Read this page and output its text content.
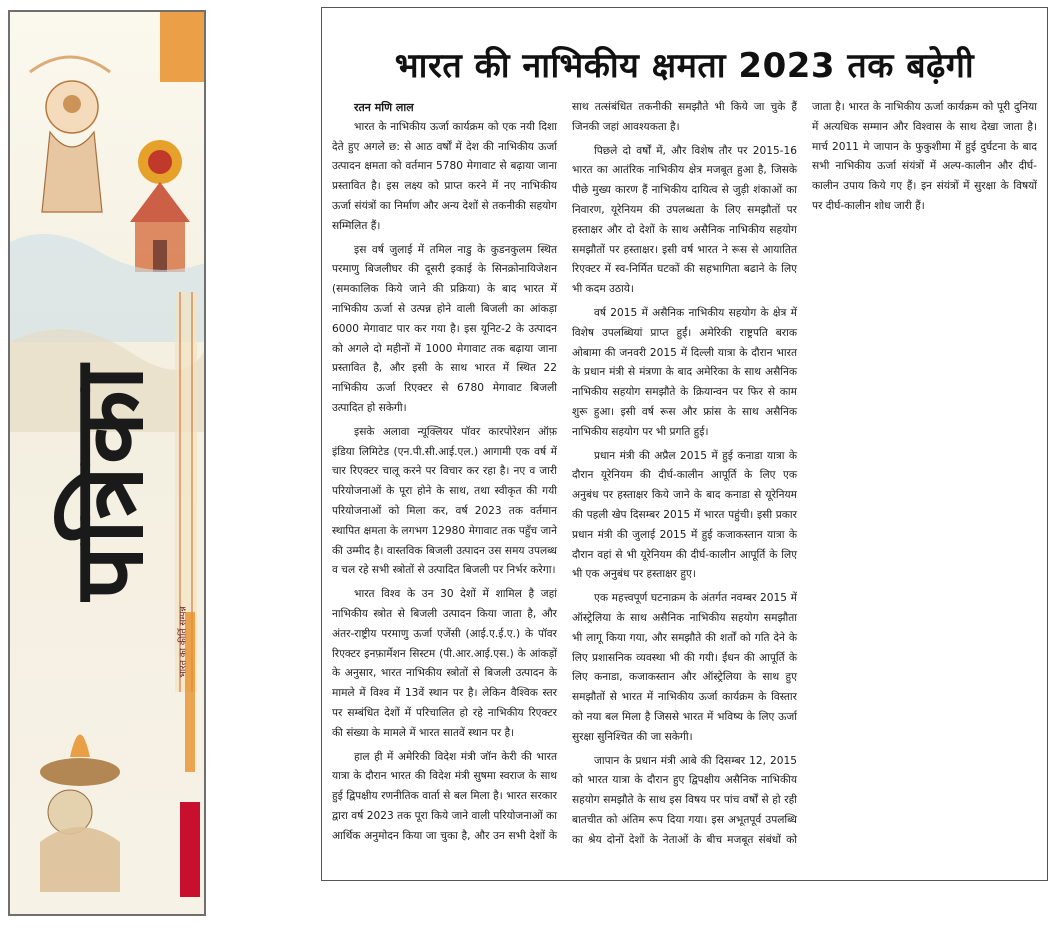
पत्रिका
भारत का कीर्ति सम्पन्न
भारत की नाभिकीय क्षमता 2023 तक बढ़ेगी
रतन मणि लाल

भारत के नाभिकीय ऊर्जा कार्यक्रम को एक नयी दिशा देते हुए अगले छ: से आठ वर्षों में देश की नाभिकीय ऊर्जा उत्पादन क्षमता को वर्तमान 5780 मेगावाट से बढ़ाया जाना प्रस्तावित है। इस लक्ष्य को प्राप्त करने में नए नाभिकीय ऊर्जा संयंत्रों का निर्माण और अन्य देशों से तकनीकी सहयोग सम्मिलित हैं।

इस वर्ष जुलाई में तमिल नाडु के कुडनकुलम स्थित परमाणु बिजलीघर की दूसरी इकाई के सिनक्रोनायिजेशन (समकालिक किये जाने की प्रक्रिया) के बाद भारत में नाभिकीय ऊर्जा से उत्पन्न होने वाली बिजली का आंकड़ा 6000 मेगावाट पार कर गया है। इस यूनिट-2 के उत्पादन को अगले दो महीनों में 1000 मेगावाट तक बढ़ाया जाना प्रस्तावित है, और इसी के साथ भारत में स्थित 22 नाभिकीय ऊर्जा रिएक्टर से 6780 मेगावाट बिजली उत्पादित हो सकेगी।

इसके अलावा न्यूक्लियर पॉवर कारपोरेशन ऑफ़ इंडिया लिमिटेड (एन.पी.सी.आई.एल.) आगामी एक वर्ष में चार रिएक्टर चालू करने पर विचार कर रहा है। नए व जारी परियोजनाओं के पूरा होने के साथ, तथा स्वीकृत की गयी परियोजनाओं को मिला कर, वर्ष 2023 तक वर्तमान स्थापित क्षमता के लगभग 12980 मेगावाट तक पहुँच जाने की उम्मीद है। वास्तविक बिजली उत्पादन उस समय उपलब्ध व चल रहे सभी स्त्रोतों से उत्पादित बिजली पर निर्भर करेगा।

भारत विश्व के उन 30 देशों में शामिल है जहां नाभिकीय स्त्रोत से बिजली उत्पादन किया जाता है, और अंतर-राष्ट्रीय परमाणु ऊर्जा एजेंसी (आई.ए.ई.ए.) के पॉवर रिएक्टर इनफ़ार्मेशन सिस्टम (पी.आर.आई.एस.) के आंकड़ों के अनुसार, भारत नाभिकीय स्त्रोतों से बिजली उत्पादन के मामले में विश्व में 13वें स्थान पर है। लेकिन वैश्विक स्तर पर सम्बंधित देशों में परिचालित हो रहे नाभिकीय रिएक्टर की संख्या के मामले में भारत सातवें स्थान पर है।

हाल ही में अमेरिकी विदेश मंत्री जॉन केरी की भारत यात्रा के दौरान भारत की विदेश मंत्री सुषमा स्वराज के साथ हुई द्विपक्षीय रणनीतिक वार्ता से बल मिला है। भारत सरकार द्वारा वर्ष 2023 तक पूरा किये जाने वाली परियोजनाओं का आर्थिक अनुमोदन किया जा चुका है, और उन सभी देशों के साथ तत्संबंधित तकनीकी समझौते भी किये जा चुके हैं जिनकी जहां आवश्यकता है।

पिछले दो वर्षों में, और विशेष तौर पर 2015-16 भारत का आतंरिक नाभिकीय क्षेत्र मजबूत हुआ है, जिसके पीछे मुख्य कारण हैं नाभिकीय दायित्व से जुड़ी शंकाओं का निवारण, यूरेनियम की उपलब्धता के लिए समझौतों पर हस्ताक्षर और दो देशों के साथ असैनिक नाभिकीय सहयोग समझौतों पर हस्ताक्षर। इसी वर्ष भारत ने रूस से आयातित रिएक्टर में स्व-निर्मित घटकों की सहभागिता बढाने के लिए भी कदम उठाये।

वर्ष 2015 में असैनिक नाभिकीय सहयोग के क्षेत्र में विशेष उपलब्धियां प्राप्त हुईं। अमेरिकी राष्ट्रपति बराक ओबामा की जनवरी 2015 में दिल्ली यात्रा के दौरान भारत के प्रधान मंत्री से मंत्रणा के बाद अमेरिका के साथ असैनिक नाभिकीय सहयोग समझौते के क्रियान्वन पर फिर से काम शुरू हुआ। इसी वर्ष रूस और फ्रांस के साथ असैनिक नाभिकीय सहयोग पर भी प्रगति हुई।

प्रधान मंत्री की अप्रैल 2015 में हुई कनाडा यात्रा के दौरान यूरेनियम की दीर्घ-कालीन आपूर्ति के लिए एक अनुबंध पर हस्ताक्षर किये जाने के बाद कनाडा से यूरेनियम की पहली खेप दिसम्बर 2015 में भारत पहुंची। इसी प्रकार प्रधान मंत्री की जुलाई 2015 में हुई कजाकस्तान यात्रा के दौरान वहां से भी यूरेनियम की दीर्घ-कालीन आपूर्ति के लिए भी एक अनुबंध पर हस्ताक्षर हुए।

एक महत्त्वपूर्ण घटनाक्रम के अंतर्गत नवम्बर 2015 में ऑस्ट्रेलिया के साथ असैनिक नाभिकीय सहयोग समझौता भी लागू किया गया, और समझौते की शर्तों को गति देने के लिए प्रशासनिक व्यवस्था भी की गयी। ईंधन की आपूर्ति के लिए कनाडा, कजाकस्तान और ऑस्ट्रेलिया के साथ हुए समझौतों से भारत में नाभिकीय ऊर्जा कार्यक्रम के विस्तार को नया बल मिला है जिससे भारत में भविष्य के लिए ऊर्जा सुरक्षा सुनिश्चित की जा सकेगी।

जापान के प्रधान मंत्री आबे की दिसम्बर 12, 2015 को भारत यात्रा के दौरान हुए द्विपक्षीय असैनिक नाभिकीय सहयोग समझौते के साथ इस विषय पर पांच वर्षों से हो रही बातचीत को अंतिम रूप दिया गया। इस अभूतपूर्व उपलब्धि का श्रेय दोनों देशों के नेताओं के बीच मजबूत संबंधों को जाता है। भारत के नाभिकीय ऊर्जा कार्यक्रम को पूरी दुनिया में अत्यधिक सम्मान और विश्वास के साथ देखा जाता है। मार्च 2011 मे जापान के फुकुशीमा में हुई दुर्घटना के बाद सभी नाभिकीय ऊर्जा संयंत्रों में अल्प-कालीन और दीर्घ-कालीन उपाय किये गए हैं। इन संयंत्रों में सुरक्षा के विषयों पर दीर्घ-कालीन शोध जारी हैं।
